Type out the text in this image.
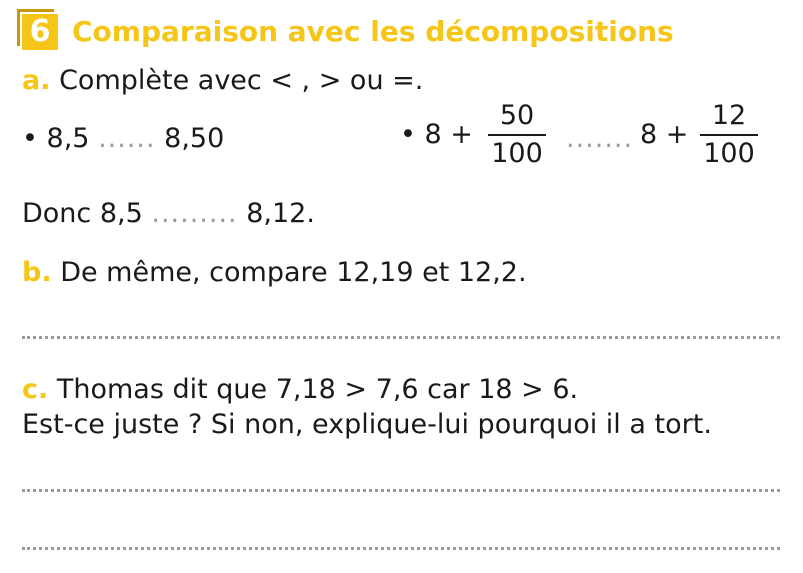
6 Comparaison avec les décompositions
a. Complète avec < , > ou =.
• 8,5 ...... 8,50	• 8 +
50
100 ....... 8 +
12
100
Donc 8,5 ......... 8,12.
b. De même, compare 12,19 et 12,2.
c. Thomas dit que 7,18 > 7,6 car 18 > 6.
Est-ce juste ? Si non, explique-lui pourquoi il a tort.
